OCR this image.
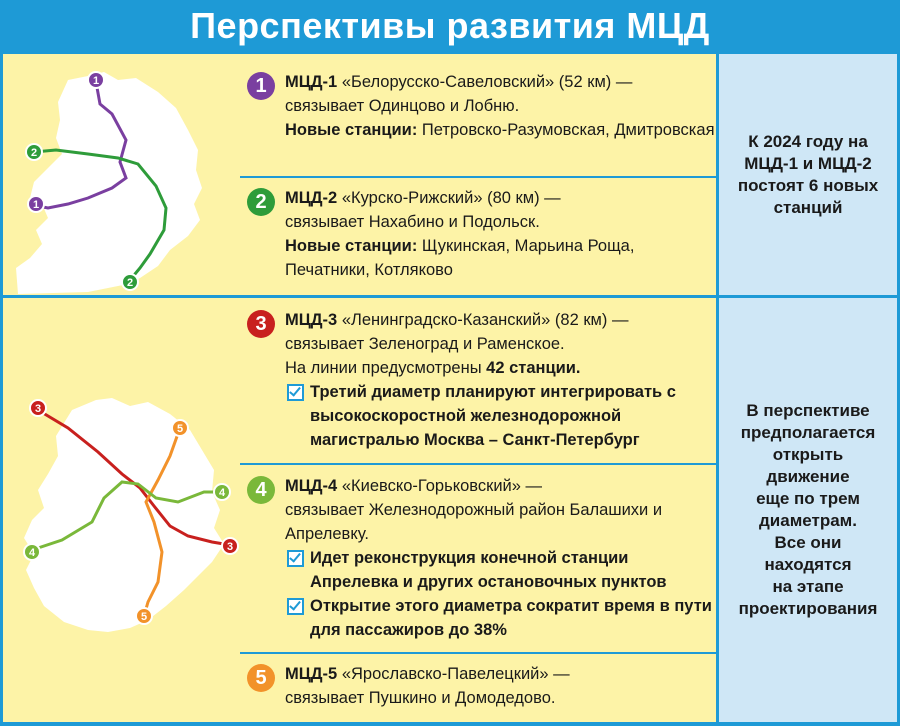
Перспективы развития МЦД
К 2024 году на МЦД-1 и МЦД-2 постоят 6 новых станций
В перспективе
предполагается
открыть
движение
еще по трем
диаметрам.
Все они
находятся
на этапе
проектирования
1
2
1
2
3
5
4
4	3
5
1	МЦД-1 «Белорусско-Савеловский» (52 км) —
связывает Одинцово и Лобню.
Новые станции: Петровско-Разумовская, Дмитровская
2	МЦД-2 «Курско-Рижский» (80 км) —
связывает Нахабино и Подольск.
Новые станции: Щукинская, Марьина Роща, Печатники, Котляково
3	МЦД-3 «Ленинградско-Казанский» (82 км) —
связывает Зеленоград и Раменское.
На линии предусмотрены 42 станции.
Третий диаметр планируют интегрировать с высокоскоростной железнодорожной магистралью Москва – Санкт-Петербург
4	МЦД-4 «Киевско-Горьковский» —
связывает Железнодорожный район Балашихи и Апрелевку.
Идет реконструкция конечной станции Апрелевка и других остановочных пунктов
Открытие этого диаметра сократит время в пути для пассажиров до 38%
5	МЦД-5 «Ярославско-Павелецкий» —
связывает Пушкино и Домодедово.
